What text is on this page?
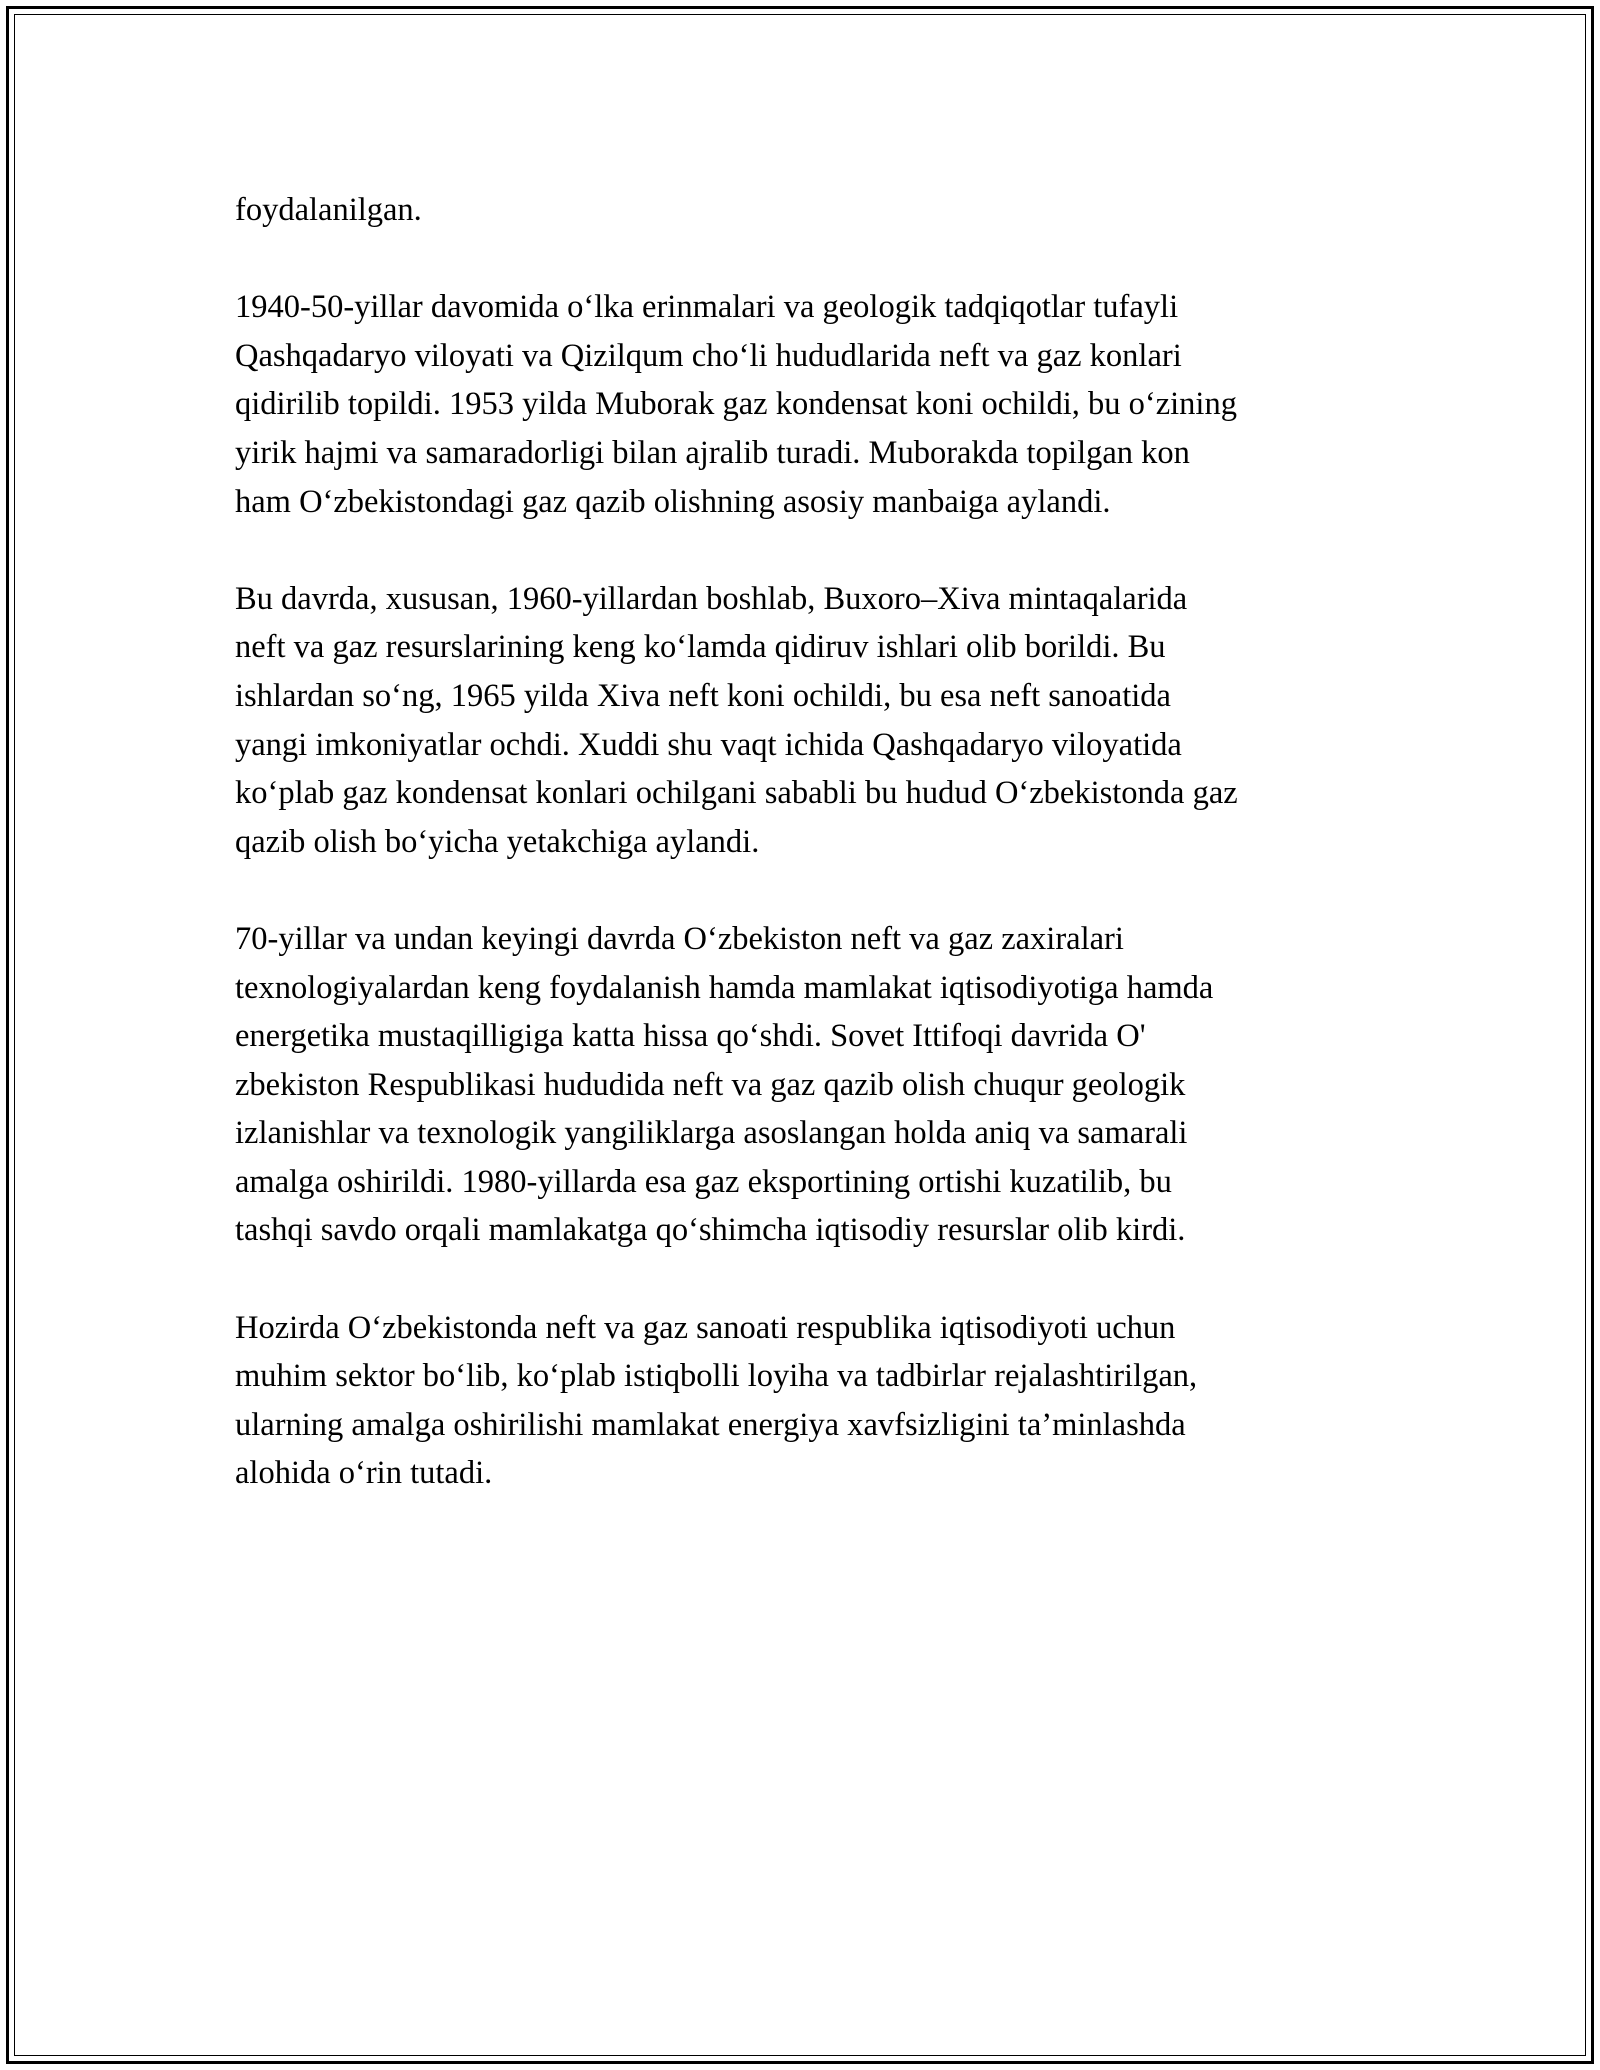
foydalanilgan.

1940-50-yillar davomida o‘lka erinmalari va geologik tadqiqotlar tufayli
Qashqadaryo viloyati va Qizilqum cho‘li hududlarida neft va gaz konlari
qidirilib topildi. 1953 yilda Muborak gaz kondensat koni ochildi, bu o‘zining
yirik hajmi va samaradorligi bilan ajralib turadi. Muborakda topilgan kon
ham O‘zbekistondagi gaz qazib olishning asosiy manbaiga aylandi.

Bu davrda, xususan, 1960-yillardan boshlab, Buxoro–Xiva mintaqalarida
neft va gaz resurslarining keng ko‘lamda qidiruv ishlari olib borildi. Bu
ishlardan so‘ng, 1965 yilda Xiva neft koni ochildi, bu esa neft sanoatida
yangi imkoniyatlar ochdi. Xuddi shu vaqt ichida Qashqadaryo viloyatida
ko‘plab gaz kondensat konlari ochilgani sababli bu hudud O‘zbekistonda gaz
qazib olish bo‘yicha yetakchiga aylandi.

70-yillar va undan keyingi davrda O‘zbekiston neft va gaz zaxiralari
texnologiyalardan keng foydalanish hamda mamlakat iqtisodiyotiga hamda
energetika mustaqilligiga katta hissa qo‘shdi. Sovet Ittifoqi davrida O'
zbekiston Respublikasi hududida neft va gaz qazib olish chuqur geologik
izlanishlar va texnologik yangiliklarga asoslangan holda aniq va samarali
amalga oshirildi. 1980-yillarda esa gaz eksportining ortishi kuzatilib, bu
tashqi savdo orqali mamlakatga qo‘shimcha iqtisodiy resurslar olib kirdi.

Hozirda O‘zbekistonda neft va gaz sanoati respublika iqtisodiyoti uchun
muhim sektor bo‘lib, ko‘plab istiqbolli loyiha va tadbirlar rejalashtirilgan,
ularning amalga oshirilishi mamlakat energiya xavfsizligini ta’minlashda
alohida o‘rin tutadi.
